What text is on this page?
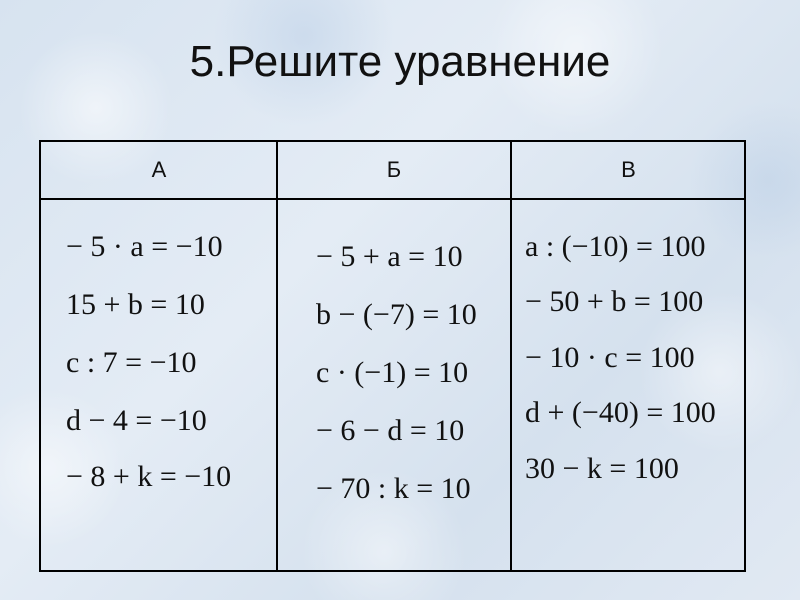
5.Решите уравнение
А	Б	В
− 5 · a = −10
15 + b = 10
c : 7 = −10
d − 4 = −10
− 8 + k = −10
− 5 + a = 10
b − (−7) = 10
c · (−1) = 10
− 6 − d = 10
− 70 : k = 10
a : (−10) = 100
− 50 + b = 100
− 10 · c = 100
d + (−40) = 100
30 − k = 100
